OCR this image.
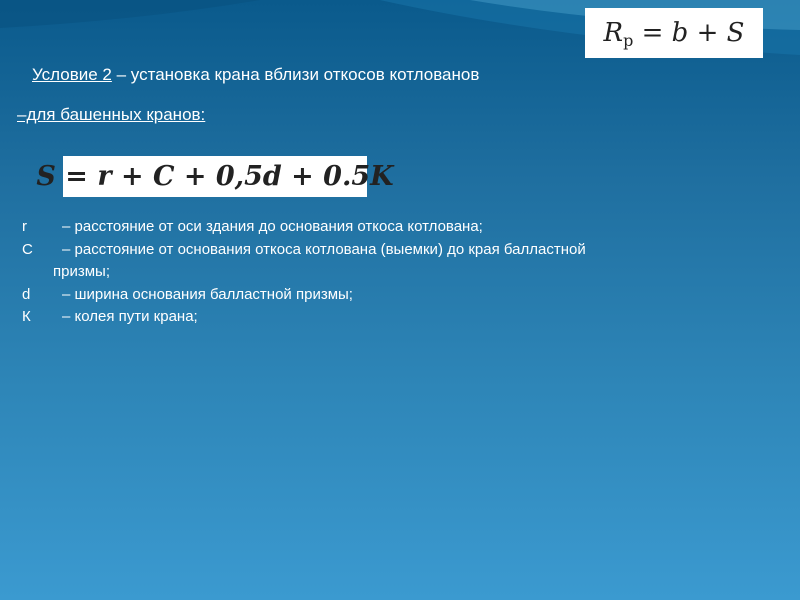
R р = b + S
Условие 2 – установка крана вблизи откосов котлованов
–для башенных кранов:
S = r + C + 0,5d + 0.5K
r	– расстояние от оси здания до основания откоса котлована;
С	– расстояние от основания откоса котлована (выемки) до края балластной
призмы;
d	– ширина основания балластной призмы;
К	– колея пути крана;
